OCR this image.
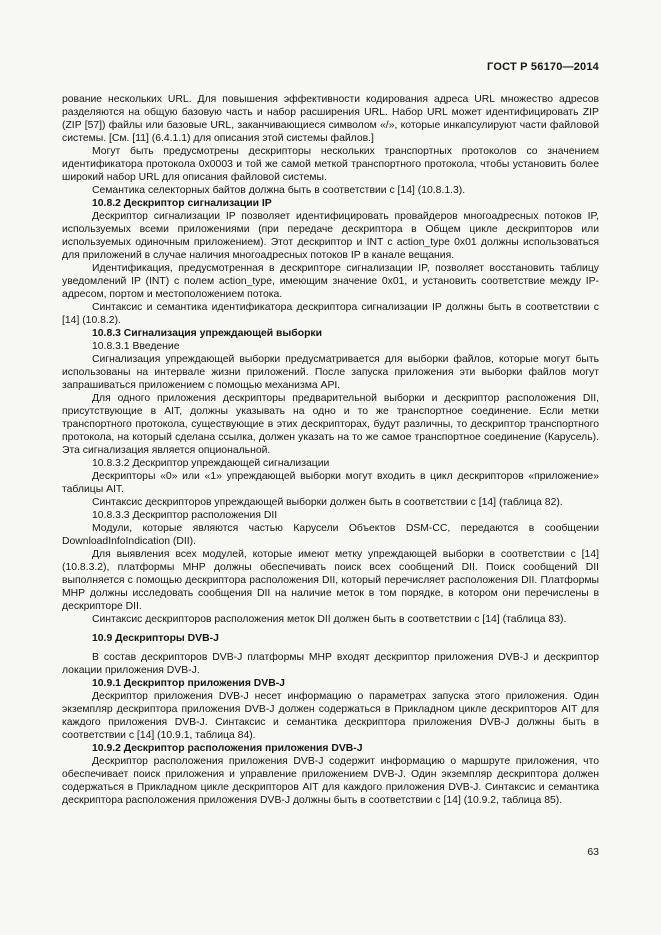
ГОСТ Р 56170—2014

рование нескольких URL. Для повышения эффективности кодирования адреса URL множество адресов разделяются на общую базовую часть и набор расширения URL. Набор URL может идентифицировать ZIP (ZIP [57]) файлы или базовые URL, заканчивающиеся символом «/», которые инкапсулируют части файловой системы. [См. [11] (6.4.1.1) для описания этой системы файлов.]

Могут быть предусмотрены дескрипторы нескольких транспортных протоколов со значением идентификатора протокола 0x0003 и той же самой меткой транспортного протокола, чтобы установить более широкий набор URL для описания файловой системы.

Семантика селекторных байтов должна быть в соответствии с [14] (10.8.1.3).

10.8.2 Дескриптор сигнализации IP

Дескриптор сигнализации IP позволяет идентифицировать провайдеров многоадресных потоков IP, используемых всеми приложениями (при передаче дескриптора в Общем цикле дескрипторов или используемых одиночным приложением). Этот дескриптор и INT с action_type 0x01 должны использоваться для приложений в случае наличия многоадресных потоков IP в канале вещания.

Идентификация, предусмотренная в дескрипторе сигнализации IP, позволяет восстановить таблицу уведомлений IP (INT) с полем action_type, имеющим значение 0x01, и установить соответствие между IP-адресом, портом и местоположением потока.

Синтаксис и семантика идентификатора дескриптора сигнализации IP должны быть в соответствии с [14] (10.8.2).

10.8.3 Сигнализация упреждающей выборки

10.8.3.1 Введение

Сигнализация упреждающей выборки предусматривается для выборки файлов, которые могут быть использованы на интервале жизни приложений. После запуска приложения эти выборки файлов могут запрашиваться приложением с помощью механизма API.

Для одного приложения дескрипторы предварительной выборки и дескриптор расположения DII, присутствующие в AIT, должны указывать на одно и то же транспортное соединение. Если метки транспортного протокола, существующие в этих дескрипторах, будут различны, то дескриптор транспортного протокола, на который сделана ссылка, должен указать на то же самое транспортное соединение (Карусель). Эта сигнализация является опциональной.

10.8.3.2 Дескриптор упреждающей сигнализации

Дескрипторы «0» или «1» упреждающей выборки могут входить в цикл дескрипторов «приложение» таблицы AIT.

Синтаксис дескрипторов упреждающей выборки должен быть в соответствии с [14] (таблица 82).

10.8.3.3 Дескриптор расположения DII

Модули, которые являются частью Карусели Объектов DSM-CC, передаются в сообщении DownloadInfoIndication (DII).

Для выявления всех модулей, которые имеют метку упреждающей выборки в соответствии с [14] (10.8.3.2), платформы МНР должны обеспечивать поиск всех сообщений DII. Поиск сообщений DII выполняется с помощью дескриптора расположения DII, который перечисляет расположения DII. Платформы МНР должны исследовать сообщения DII на наличие меток в том порядке, в котором они перечислены в дескрипторе DII.

Синтаксис дескрипторов расположения меток DII должен быть в соответствии с [14] (таблица 83).

10.9 Дескрипторы DVB-J

В состав дескрипторов DVB-J платформы МНР входят дескриптор приложения DVB-J и дескриптор локации приложения DVB-J.

10.9.1 Дескриптор приложения DVB-J

Дескриптор приложения DVB-J несет информацию о параметрах запуска этого приложения. Один экземпляр дескриптора приложения DVB-J должен содержаться в Прикладном цикле дескрипторов AIT для каждого приложения DVB-J. Синтаксис и семантика дескриптора приложения DVB-J должны быть в соответствии с [14] (10.9.1, таблица 84).

10.9.2 Дескриптор расположения приложения DVB-J

Дескриптор расположения приложения DVB-J содержит информацию о маршруте приложения, что обеспечивает поиск приложения и управление приложением DVB-J. Один экземпляр дескриптора должен содержаться в Прикладном цикле дескрипторов AIT для каждого приложения DVB-J. Синтаксис и семантика дескриптора расположения приложения DVB-J должны быть в соответствии с [14] (10.9.2, таблица 85).

63
